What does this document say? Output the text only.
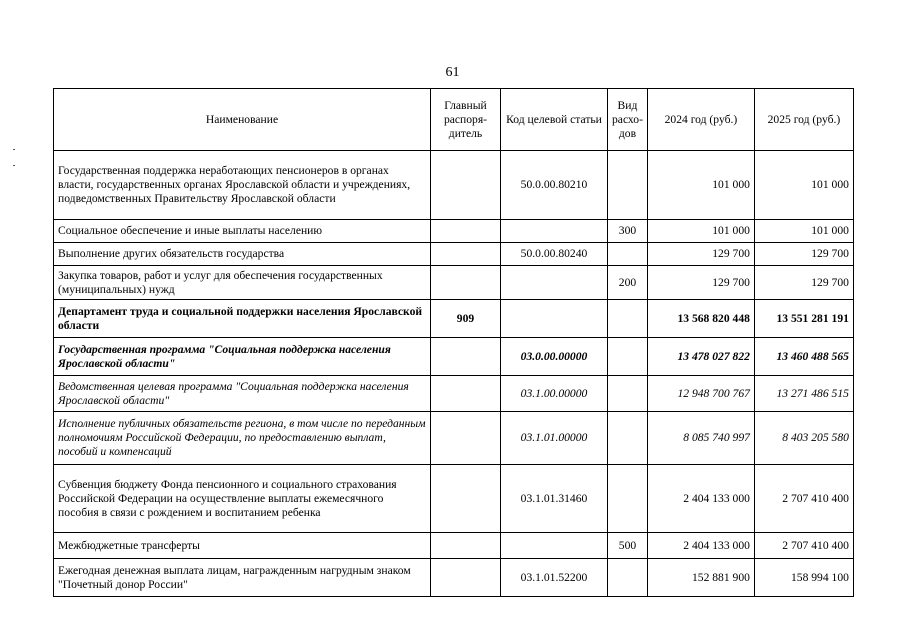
61
Наименование	Главный распоря-дитель	Код целевой статьи	Вид расхо-дов	2024 год (руб.)	2025 год (руб.)
Государственная поддержка неработающих пенсионеров в органах власти, государственных органах Ярославской области и учреждениях, подведомственных Правительству Ярославской области		50.0.00.80210		101 000	101 000
Социальное обеспечение и иные выплаты населению			300	101 000	101 000
Выполнение других обязательств государства		50.0.00.80240		129 700	129 700
Закупка товаров, работ и услуг для обеспечения государственных (муниципальных) нужд			200	129 700	129 700
Департамент труда и социальной поддержки населения Ярославской области	909			13 568 820 448	13 551 281 191
Государственная программа "Социальная поддержка населения Ярославской области"		03.0.00.00000		13 478 027 822	13 460 488 565
Ведомственная целевая программа "Социальная поддержка населения Ярославской области"		03.1.00.00000		12 948 700 767	13 271 486 515
Исполнение публичных обязательств региона, в том числе по переданным полномочиям Российской Федерации, по предоставлению выплат, пособий и компенсаций		03.1.01.00000		8 085 740 997	8 403 205 580
Субвенция бюджету Фонда пенсионного и социального страхования Российской Федерации на осуществление выплаты ежемесячного пособия в связи с рождением и воспитанием ребенка		03.1.01.31460		2 404 133 000	2 707 410 400
Межбюджетные трансферты			500	2 404 133 000	2 707 410 400
Ежегодная денежная выплата лицам, награжденным нагрудным знаком "Почетный донор России"		03.1.01.52200		152 881 900	158 994 100
